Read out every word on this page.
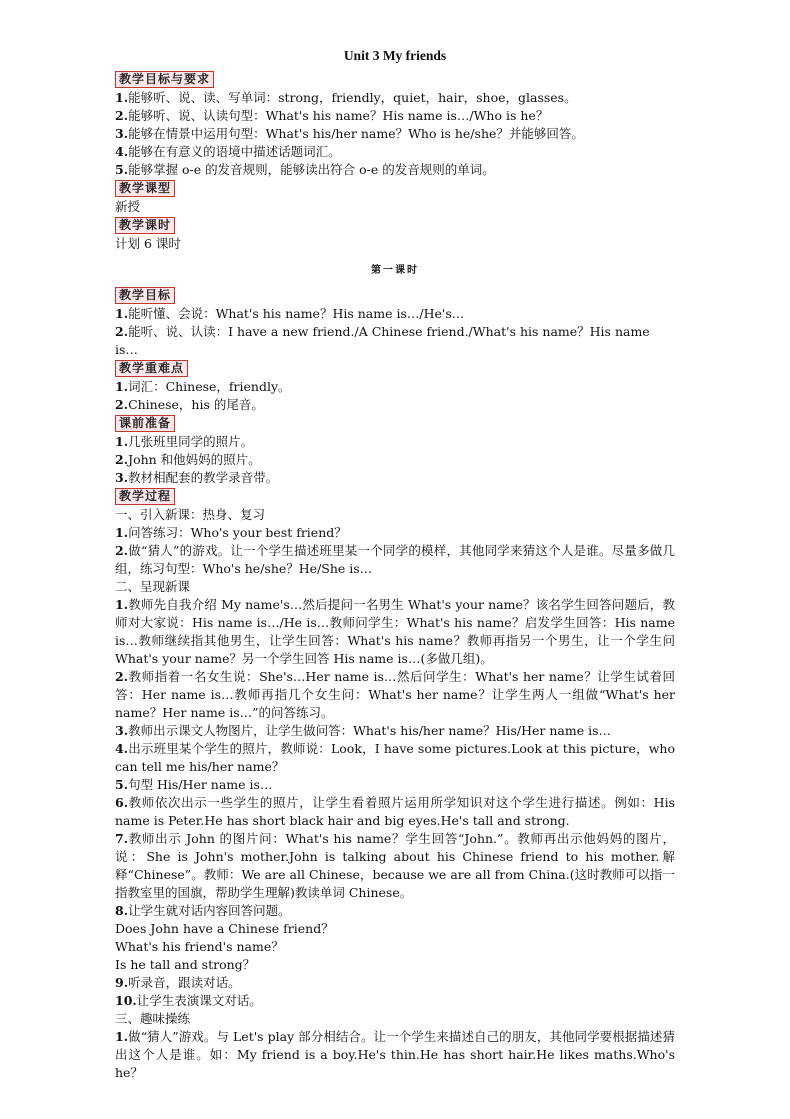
Unit 3 My friends
教学目标与要求

1.能够听、说、读、写单词：strong，friendly，quiet，hair，shoe，glasses。

2.能够听、说、认读句型：What's his name？His name is…/Who is he？

3.能够在情景中运用句型：What's his/her name？Who is he/she？并能够回答。

4.能够在有意义的语境中描述话题词汇。

5.能够掌握 o-e 的发音规则，能够读出符合 o-e 的发音规则的单词。

教学课型

新授

教学课时

计划 6 课时

第一课时
教学目标

1.能听懂、会说：What's his name？His name is…/He's…

2.能听、说、认读：I have a new friend./A Chinese friend./What's his name？His name is…

教学重难点

1.词汇：Chinese，friendly。

2.Chinese，his 的尾音。

课前准备

1.几张班里同学的照片。

2.John 和他妈妈的照片。

3.教材相配套的教学录音带。

教学过程

一、引入新课：热身、复习

1.问答练习：Who's your best friend？

2.做“猜人”的游戏。让一个学生描述班里某一个同学的模样，其他同学来猜这个人是谁。尽量多做几组，练习句型：Who's he/she？He/She is…

二、呈现新课

1.教师先自我介绍 My name's…然后提问一名男生 What's your name？该名学生回答问题后，教师对大家说：His name is…/He is…教师问学生：What's his name？启发学生回答：His name is…教师继续指其他男生，让学生回答：What's his name？教师再指另一个男生，让一个学生问 What's your name？另一个学生回答 His name is…(多做几组)。

2.教师指着一名女生说：She's…Her name is…然后问学生：What's her name？让学生试着回答：Her name is…教师再指几个女生问：What's her name？让学生两人一组做“What's her name？Her name is…”的问答练习。

3.教师出示课文人物图片，让学生做问答：What's his/her name？His/Her name is…

4.出示班里某个学生的照片，教师说：Look，I have some pictures.Look at this picture，who can tell me his/her name？

5.句型 His/Her name is…

6.教师依次出示一些学生的照片，让学生看着照片运用所学知识对这个学生进行描述。例如：His name is Peter.He has short black hair and big eyes.He's tall and strong.

7.教师出示 John 的图片问：What's his name？学生回答“John.”。教师再出示他妈妈的图片，说：She is John's mother.John is talking about his Chinese friend to his mother.解释“Chinese”。教师：We are all Chinese，because we are all from China.(这时教师可以指一指教室里的国旗，帮助学生理解)教读单词 Chinese。

8.让学生就对话内容回答问题。

Does John have a Chinese friend？

What's his friend's name？

Is he tall and strong？

9.听录音，跟读对话。

10.让学生表演课文对话。

三、趣味操练

1.做“猜人”游戏。与 Let's play 部分相结合。让一个学生来描述自己的朋友，其他同学要根据描述猜出这个人是谁。如：My friend is a boy.He's thin.He has short hair.He likes maths.Who's he？
